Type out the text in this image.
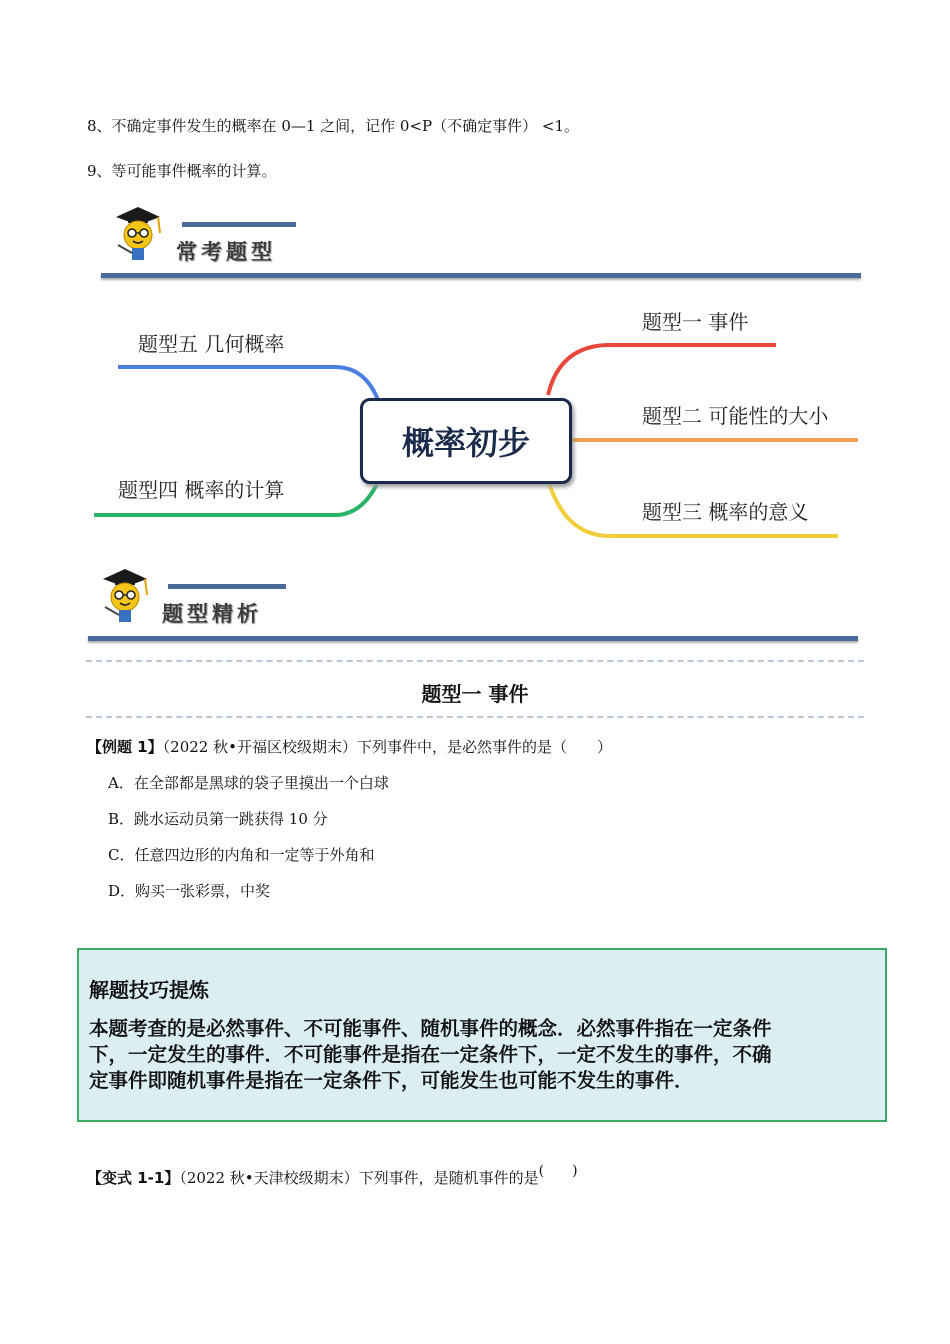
8、不确定事件发生的概率在 0—1 之间，记作 0<P（不确定事件） <1。
9、等可能事件概率的计算。
常考题型
概率初步
题型一 事件
题型二 可能性的大小
题型三 概率的意义
题型四 概率的计算
题型五 几何概率
题型精析
题型一 事件
【例题 1】（2022 秋•开福区校级期末）下列事件中，是必然事件的是（　　）
A．在全部都是黑球的袋子里摸出一个白球
B．跳水运动员第一跳获得 10 分
C．任意四边形的内角和一定等于外角和
D．购买一张彩票，中奖
解题技巧提炼
本题考查的是必然事件、不可能事件、随机事件的概念．必然事件指在一定条件
下，一定发生的事件．不可能事件是指在一定条件下，一定不发生的事件，不确
定事件即随机事件是指在一定条件下，可能发生也可能不发生的事件．
【变式 1-1】（2022 秋•天津校级期末）下列事件，是随机事件的是(　　)
